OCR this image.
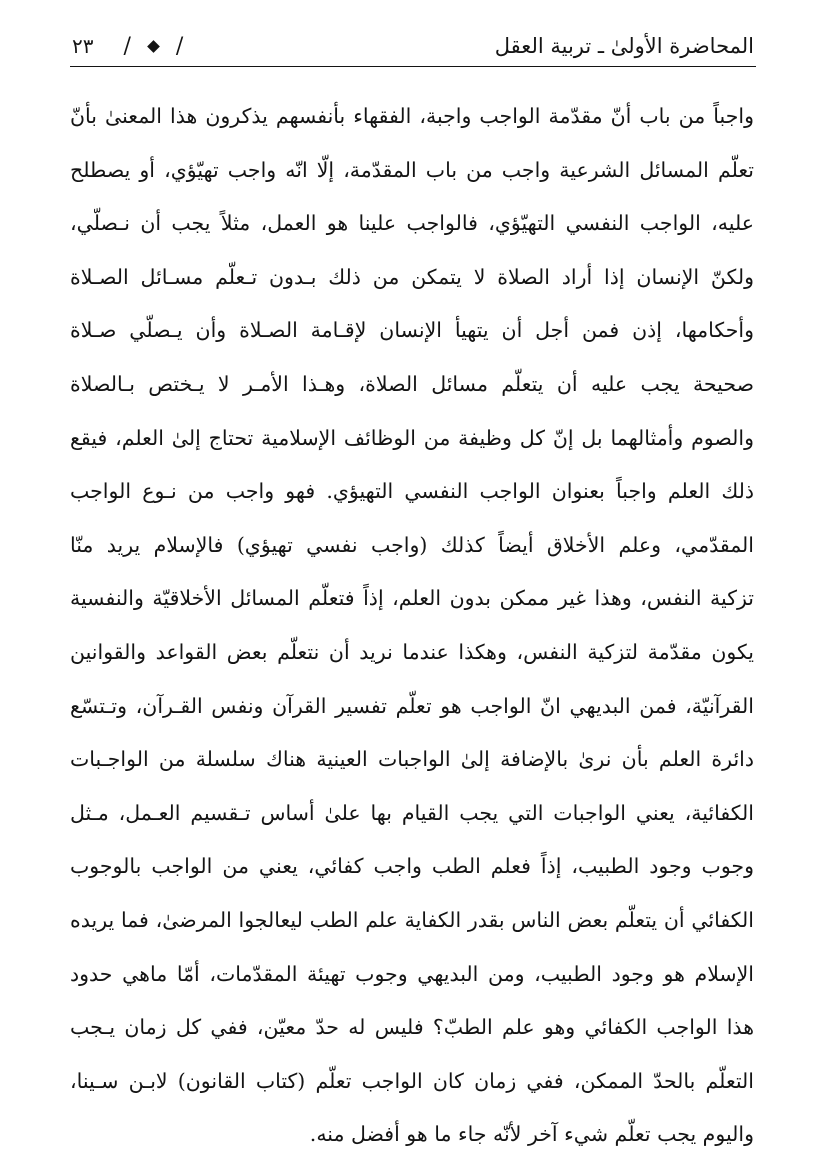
المحاضرة الأولىٰ ـ تربية العقل
/
/
٢٣
واجباً من باب أنّ مقدّمة الواجب واجبة، الفقهاء بأنفسهم يذكرون هذا المعنىٰ بأنّ
تعلّم المسائل الشرعية واجب من باب المقدّمة، إلّا انّه واجب تهيّؤي، أو يصطلح
عليه، الواجب النفسي التهيّؤي، فالواجب علينا هو العمل، مثلاً يجب أن نـصلّي،
ولكنّ الإنسان إذا أراد الصلاة لا يتمكن من ذلك بـدون تـعلّم مسـائل الصـلاة
وأحكامها، إذن فمن أجل أن يتهيأ الإنسان لإقـامة الصـلاة وأن يـصلّي صـلاة
صحيحة يجب عليه أن يتعلّم مسائل الصلاة، وهـذا الأمـر لا يـختص بـالصلاة
والصوم وأمثالهما بل إنّ كل وظيفة من الوظائف الإسلامية تحتاج إلىٰ العلم، فيقع
ذلك العلم واجباً بعنوان الواجب النفسي التهيؤي. فهو واجب من نـوع الواجب
المقدّمي، وعلم الأخلاق أيضاً كذلك (واجب نفسي تهيؤي) فالإسلام يريد منّا
تزكية النفس، وهذا غير ممكن بدون العلم، إذاً فتعلّم المسائل الأخلاقيّة والنفسية
يكون مقدّمة لتزكية النفس، وهكذا عندما نريد أن نتعلّم بعض القواعد والقوانين
القرآنيّة، فمن البديهي انّ الواجب هو تعلّم تفسير القرآن ونفس القـرآن، وتـتسّع
دائرة العلم بأن نرىٰ بالإضافة إلىٰ الواجبات العينية هناك سلسلة من الواجـبات
الكفائية، يعني الواجبات التي يجب القيام بها علىٰ أساس تـقسيم العـمل، مـثل
وجوب وجود الطبيب، إذاً فعلم الطب واجب كفائي، يعني من الواجب بالوجوب
الكفائي أن يتعلّم بعض الناس بقدر الكفاية علم الطب ليعالجوا المرضىٰ، فما يريده
الإسلام هو وجود الطبيب، ومن البديهي وجوب تهيئة المقدّمات، أمّا ماهي حدود
هذا الواجب الكفائي وهو علم الطبّ؟ فليس له حدّ معيّن، ففي كل زمان يـجب
التعلّم بالحدّ الممكن، ففي زمان كان الواجب تعلّم (كتاب القانون) لابـن سـينا،
واليوم يجب تعلّم شيء آخر لأنّه جاء ما هو أفضل منه.
